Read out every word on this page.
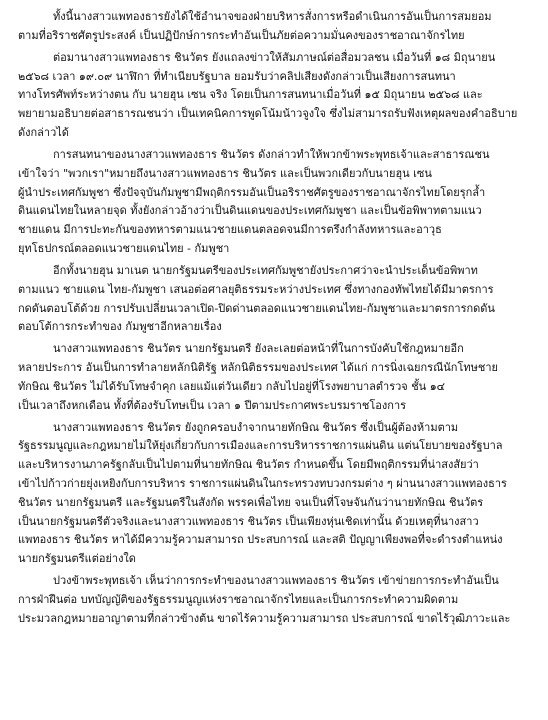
ทั้งนี้นางสาวแพทองธารยังได้ใช้อำนาจของฝ่ายบริหารสั่งการหรือดำเนินการอันเป็นการสมยอม
ตามที่อริราชศัตรูประสงค์ เป็นปฏิปักษ์การกระทำอันเป็นภัยต่อความมั่นคงของราชอาณาจักรไทย

ต่อมานางสาวแพทองธาร ชินวัตร ยังแถลงข่าวให้สัมภาษณ์ต่อสื่อมวลชน เมื่อวันที่ ๑๘ มิถุนายน
๒๕๖๘ เวลา ๑๙.๐๙ นาฬิกา ที่ทำเนียบรัฐบาล ยอมรับว่าคลิปเสียงดังกล่าวเป็นเสียงการสนทนา
ทางโทรศัพท์ระหว่างตน กับ นายฮุน เซน จริง โดยเป็นการสนทนาเมื่อวันที่ ๑๕ มิถุนายน ๒๕๖๘ และ
พยายามอธิบายต่อสาธารณชนว่า เป็นเทคนิคการพูดโน้มน้าวจูงใจ ซึ่งไม่สามารถรับฟังเหตุผลของคำอธิบาย
ดังกล่าวได้

การสนทนาของนางสาวแพทองธาร ชินวัตร ดังกล่าวทำให้พวกข้าพระพุทธเจ้าและสาธารณชน
เข้าใจว่า "พวกเรา"หมายถึงนางสาวแพทองธาร ชินวัตร และเป็นพวกเดียวกับนายฮุน เซน
ผู้นำประเทศกัมพูชา ซึ่งปัจจุบันกัมพูชามีพฤติกรรมอันเป็นอริราชศัตรูของราชอาณาจักรไทยโดยรุกล้ำ
ดินแดนไทยในหลายจุด ทั้งยังกล่าวอ้างว่าเป็นดินแดนของประเทศกัมพูชา และเป็นข้อพิพาทตามแนว
ชายแดน มีการปะทะกันของทหารตามแนวชายแดนตลอดจนมีการตรึงกำลังทหารและอาวุธ
ยุทโธปกรณ์ตลอดแนวชายแดนไทย - กัมพูชา

อีกทั้งนายฮุน มาเนต นายกรัฐมนตรีของประเทศกัมพูชายังประกาศว่าจะนำประเด็นข้อพิพาท
ตามแนว ชายแดน ไทย-กัมพูชา เสนอต่อศาลยุติธรรมระหว่างประเทศ ซึ่งทางกองทัพไทยได้มีมาตรการ
กดดันตอบโต้ด้วย การปรับเปลี่ยนเวลาเปิด-ปิดด่านตลอดแนวชายแดนไทย-กัมพูชาและมาตรการกดดัน
ตอบโต้การกระทำของ กัมพูชาอีกหลายเรื่อง

นางสาวแพทองธาร ชินวัตร นายกรัฐมนตรี ยังละเลยต่อหน้าที่ในการบังคับใช้กฎหมายอีก
หลายประการ อันเป็นการทำลายหลักนิติรัฐ หลักนิติธรรมของประเทศ ได้แก่ การนิ่งเฉยกรณีนักโทษชาย
ทักษิณ ชินวัตร ไม่ได้รับโทษจำคุก เลยแม้แต่วันเดียว กลับไปอยู่ที่โรงพยาบาลตำรวจ ชั้น ๑๔
เป็นเวลาถึงหกเดือน ทั้งที่ต้องรับโทษเป็น เวลา ๑ ปีตามประกาศพระบรมราชโองการ

นางสาวแพทองธาร ชินวัตร ยังถูกครอบงำจากนายทักษิณ ชินวัตร ซึ่งเป็นผู้ต้องห้ามตาม
รัฐธรรมนูญและกฎหมายไม่ให้ยุ่งเกี่ยวกับการเมืองและการบริหารราชการแผ่นดิน แต่นโยบายของรัฐบาล
และบริหารงานภาครัฐกลับเป็นไปตามที่นายทักษิณ ชินวัตร กำหนดขึ้น โดยมีพฤติกรรมที่น่าสงสัยว่า
เข้าไปก้าวก่ายยุ่งเหยิงกับการบริหาร ราชการแผ่นดินในกระทรวงทบวงกรมต่าง ๆ ผ่านนางสาวแพทองธาร
ชินวัตร นายกรัฐมนตรี และรัฐมนตรีในสังกัด พรรคเพื่อไทย จนเป็นที่โจษจันกันว่านายทักษิณ ชินวัตร
เป็นนายกรัฐมนตรีตัวจริงและนางสาวแพทองธาร ชินวัตร เป็นเพียงหุ่นเชิดเท่านั้น ด้วยเหตุที่นางสาว
แพทองธาร ชินวัตร หาได้มีความรู้ความสามารถ ประสบการณ์ และสติ ปัญญาเพียงพอที่จะดำรงตำแหน่ง
นายกรัฐมนตรีแต่อย่างใด

ปวงข้าพระพุทธเจ้า เห็นว่าการกระทำของนางสาวแพทองธาร ชินวัตร เข้าข่ายการกระทำอันเป็น
การฝ่าฝืนต่อ บทบัญญัติของรัฐธรรมนูญแห่งราชอาณาจักรไทยและเป็นการกระทำความผิดตาม
ประมวลกฎหมายอาญาตามที่กล่าวข้างต้น ขาดไร้ความรู้ความสามารถ ประสบการณ์ ขาดไร้วุฒิภาวะและ
